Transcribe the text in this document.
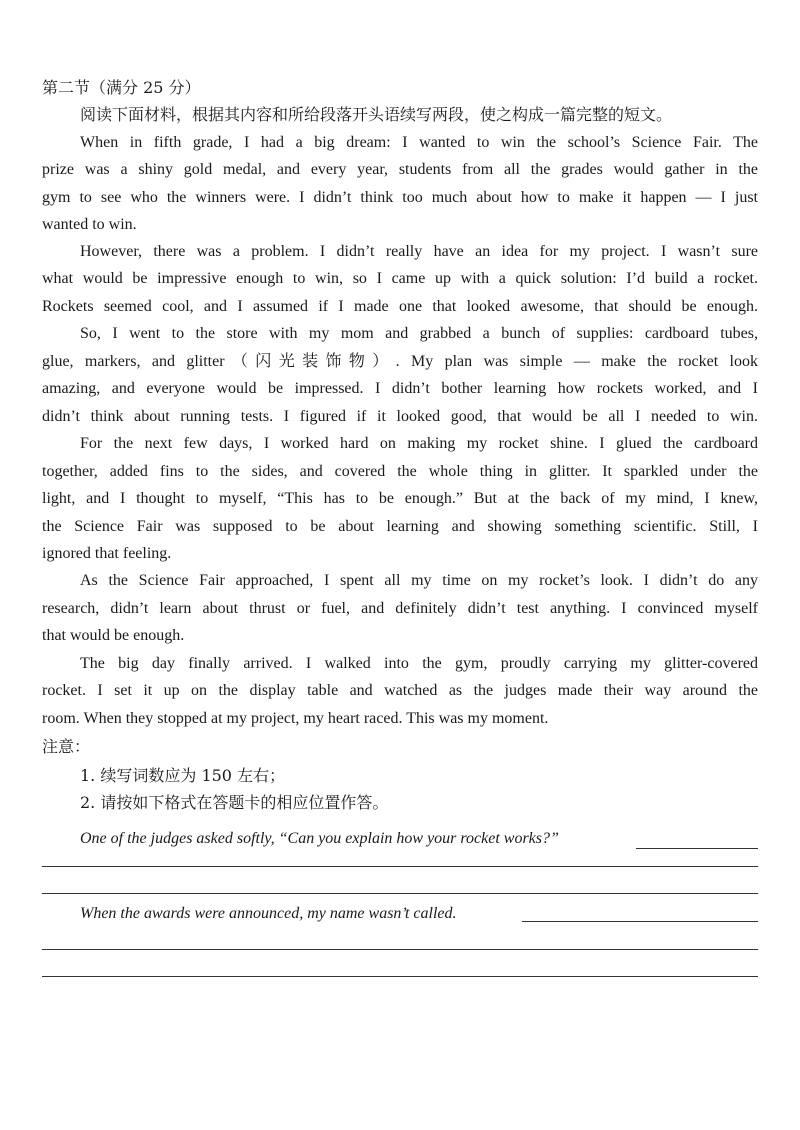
第二节（满分 25 分）
阅读下面材料，根据其内容和所给段落开头语续写两段，使之构成一篇完整的短文。
When in fifth grade, I had a big dream: I wanted to win the school’s Science Fair. The
prize was a shiny gold medal, and every year, students from all the grades would gather in the
gym to see who the winners were. I didn’t think too much about how to make it happen — I just
wanted to win.
However, there was a problem. I didn’t really have an idea for my project. I wasn’t sure
what would be impressive enough to win, so I came up with a quick solution: I’d build a rocket.
Rockets seemed cool, and I assumed if I made one that looked awesome, that should be enough.
So, I went to the store with my mom and grabbed a bunch of supplies: cardboard tubes,
glue, markers, and glitter（闪光装饰物）. My plan was simple — make the rocket look
amazing, and everyone would be impressed. I didn’t bother learning how rockets worked, and I
didn’t think about running tests. I figured if it looked good, that would be all I needed to win.
For the next few days, I worked hard on making my rocket shine. I glued the cardboard
together, added fins to the sides, and covered the whole thing in glitter. It sparkled under the
light, and I thought to myself, “This has to be enough.” But at the back of my mind, I knew,
the Science Fair was supposed to be about learning and showing something scientific. Still, I
ignored that feeling.
As the Science Fair approached, I spent all my time on my rocket’s look. I didn’t do any
research, didn’t learn about thrust or fuel, and definitely didn’t test anything. I convinced myself
that would be enough.
The big day finally arrived. I walked into the gym, proudly carrying my glitter-covered
rocket. I set it up on the display table and watched as the judges made their way around the
room. When they stopped at my project, my heart raced. This was my moment.
注意：
1. 续写词数应为 150 左右；
2. 请按如下格式在答题卡的相应位置作答。
One of the judges asked softly, “Can you explain how your rocket works?”
When the awards were announced, my name wasn’t called.
